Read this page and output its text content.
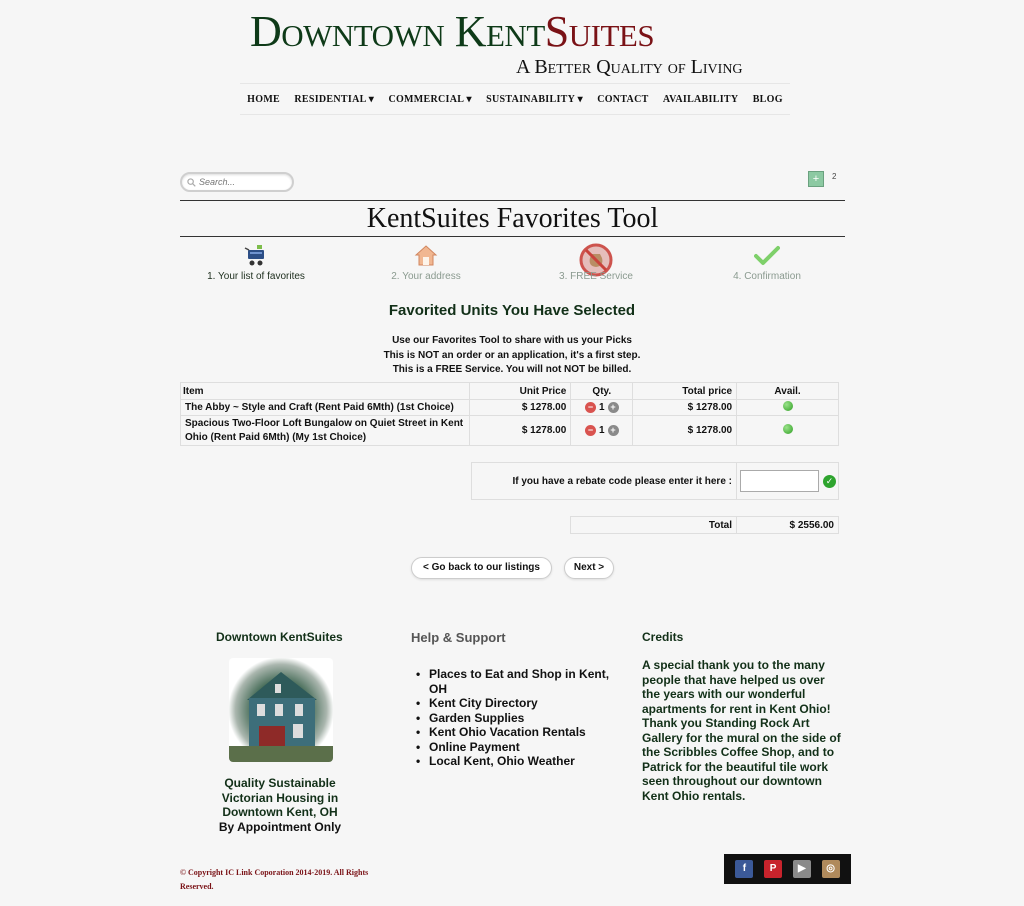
Downtown KentSuites
A Better Quality of Living
HOME RESIDENTIAL ▾ COMMERCIAL ▾ SUSTAINABILITY ▾ CONTACT AVAILABILITY BLOG
Search...
+	2
KentSuites Favorites Tool
1. Your list of favorites	2. Your address	3. FREE Service	4. Confirmation
Favorited Units You Have Selected
Use our Favorites Tool to share with us your Picks
This is NOT an order or an application, it's a first step.
This is a FREE Service. You will not NOT be billed.
Item	Unit Price	Qty.	Total price	Avail.
The Abby ~ Style and Craft (Rent Paid 6Mth) (1st Choice)	$ 1278.00	− 1 +	$ 1278.00	
Spacious Two-Floor Loft Bungalow on Quiet Street in Kent Ohio (Rent Paid 6Mth) (My 1st Choice)	$ 1278.00	− 1 +	$ 1278.00	
If you have a rebate code please enter it here :	✓
Total	$ 2556.00
< Go back to our listings	Next >
Downtown KentSuites
Quality Sustainable
Victorian Housing in
Downtown Kent, OH
By Appointment Only
Help & Support
• Places to Eat and Shop in Kent, OH
• Kent City Directory
• Garden Supplies
• Kent Ohio Vacation Rentals
• Online Payment
• Local Kent, Ohio Weather
Credits
A special thank you to the many people that have helped us over the years with our wonderful apartments for rent in Kent Ohio! Thank you Standing Rock Art Gallery for the mural on the side of the Scribbles Coffee Shop, and to Patrick for the beautiful tile work seen throughout our downtown Kent Ohio rentals.
© Copyright IC Link Coporation 2014-2019. All Rights Reserved.
f	P	▶	◎
